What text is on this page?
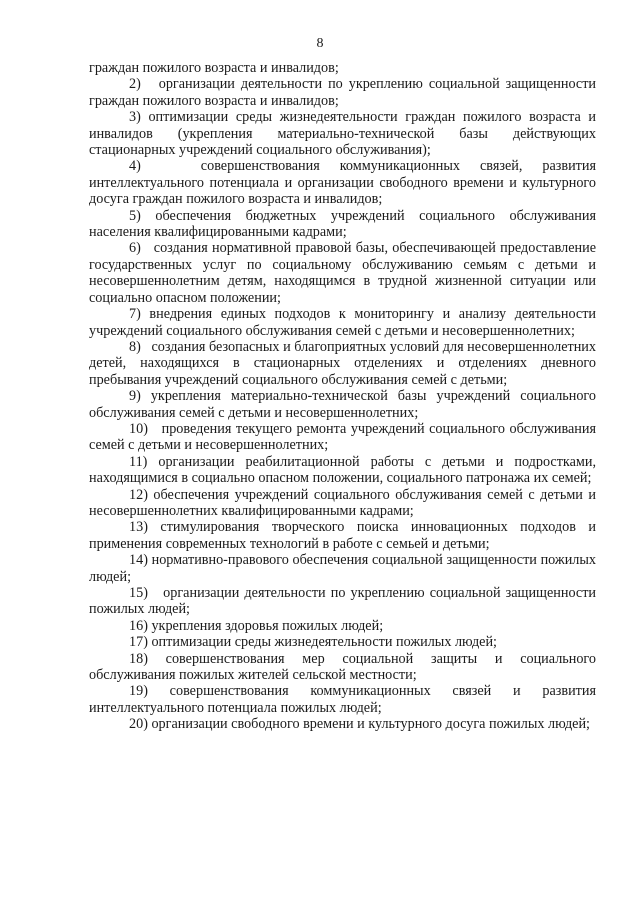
8

граждан пожилого возраста и инвалидов;

2)   организации деятельности по укреплению социальной защищенности граждан пожилого возраста и инвалидов;

3) оптимизации среды жизнедеятельности граждан пожилого возраста и инвалидов (укрепления материально-технической базы действующих стационарных учреждений социального обслуживания);

4)   совершенствования коммуникационных связей, развития интеллектуального потенциала и организации свободного времени и культурного досуга граждан пожилого возраста и инвалидов;

5) обеспечения бюджетных учреждений социального обслуживания населения квалифицированными кадрами;

6)   создания нормативной правовой базы, обеспечивающей предоставление государственных услуг по социальному обслуживанию семьям с детьми и несовершеннолетним детям, находящимся в трудной жизненной ситуации или социально опасном положении;

7) внедрения единых подходов к мониторингу и анализу деятельности учреждений социального обслуживания семей с детьми и несовершеннолетних;

8)   создания безопасных и благоприятных условий для несовершеннолетних детей, находящихся в стационарных отделениях и отделениях дневного пребывания учреждений социального обслуживания семей с детьми;

9) укрепления материально-технической базы учреждений социального обслуживания семей с детьми и несовершеннолетних;

10)   проведения текущего ремонта учреждений социального обслуживания семей с детьми и несовершеннолетних;

11) организации реабилитационной работы с детьми и подростками, находящимися в социально опасном положении, социального патронажа их семей;

12) обеспечения учреждений социального обслуживания семей с детьми и несовершеннолетних квалифицированными кадрами;

13) стимулирования творческого поиска инновационных подходов и применения современных технологий в работе с семьей и детьми;

14) нормативно-правового обеспечения социальной защищенности пожилых людей;

15)   организации деятельности по укреплению социальной защищенности пожилых людей;

16) укрепления здоровья пожилых людей;

17) оптимизации среды жизнедеятельности пожилых людей;

18) совершенствования мер социальной защиты и социального обслуживания пожилых жителей сельской местности;

19) совершенствования коммуникационных связей и развития интеллектуального потенциала пожилых людей;

20) организации свободного времени и культурного досуга пожилых людей;
